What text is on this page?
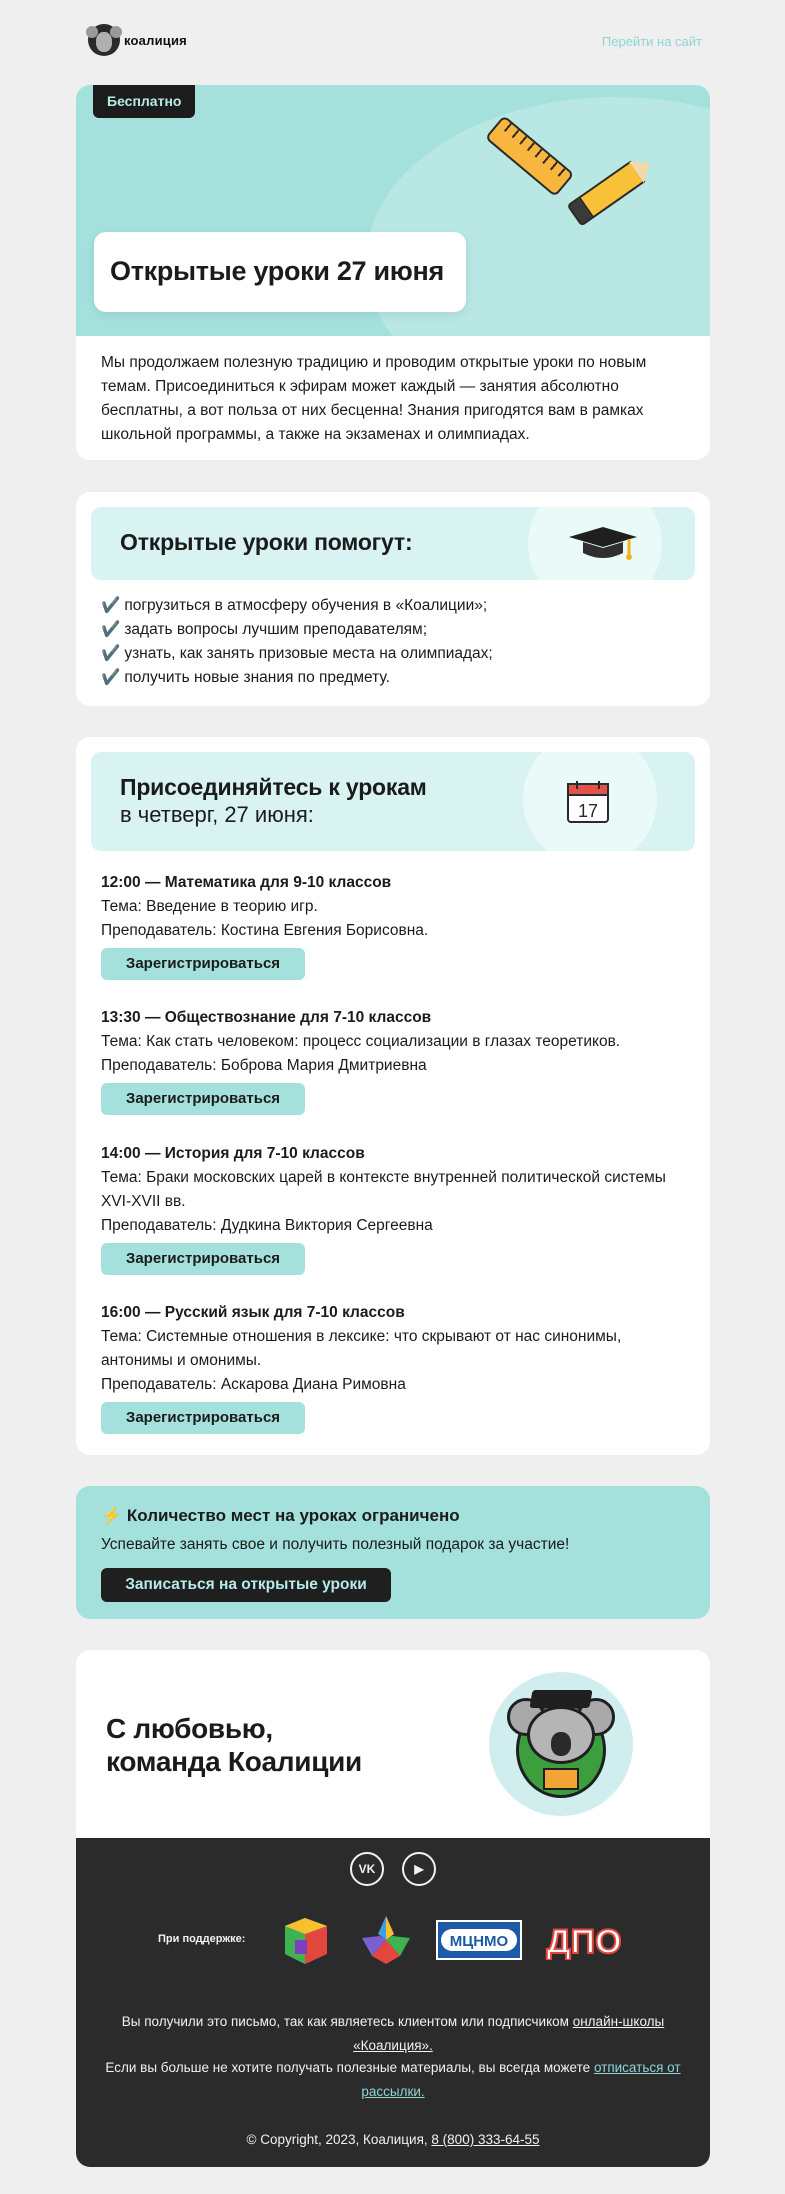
коалиция	Перейти на сайт
Бесплатно
Открытые уроки 27 июня

Мы продолжаем полезную традицию и проводим открытые уроки по новым темам. Присоединиться к эфирам может каждый — занятия абсолютно бесплатны, а вот польза от них бесценна! Знания пригодятся вам в рамках школьной программы, а также на экзаменах и олимпиадах.

Открытые уроки помогут:
✔️ погрузиться в атмосферу обучения в «Коалиции»;
✔️ задать вопросы лучшим преподавателям;
✔️ узнать, как занять призовые места на олимпиадах;
✔️ получить новые знания по предмету.
Присоединяйтесь к урокам
в четверг, 27 июня:	17
12:00 — Математика для 9-10 классов
Тема: Введение в теорию игр.
Преподаватель: Костина Евгения Борисовна.
Зарегистрироваться
13:30 — Обществознание для 7-10 классов
Тема: Как стать человеком: процесс социализации в глазах теоретиков.
Преподаватель: Боброва Мария Дмитриевна
Зарегистрироваться
14:00 — История для 7-10 классов
Тема: Браки московских царей в контексте внутренней политической системы XVI-XVII вв.
Преподаватель: Дудкина Виктория Сергеевна
Зарегистрироваться
16:00 — Русский язык для 7-10 классов
Тема: Системные отношения в лексике: что скрывают от нас синонимы, антонимы и омонимы.
Преподаватель: Аскарова Диана Римовна
Зарегистрироваться
⚡ Количество мест на уроках ограничено
Успевайте занять свое и получить полезный подарок за участие!
Записаться на открытые уроки
С любовью,
команда Коалиции
VK	▶
При поддержке:	МЦНМО ДПО
Вы получили это письмо, так как являетесь клиентом или подписчиком онлайн-школы «Коалиция».
Если вы больше не хотите получать полезные материалы, вы всегда можете отписаться от рассылки.
© Copyright, 2023, Коалиция, 8 (800) 333-64-55
